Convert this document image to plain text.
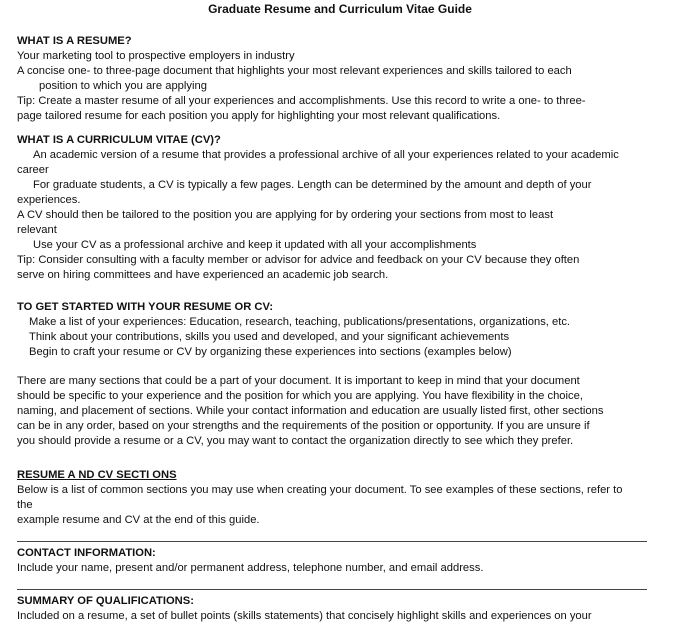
Graduate Resume and Curriculum Vitae Guide
WHAT IS A RESUME?
Your marketing tool to prospective employers in industry
A concise one- to three-page document that highlights your most relevant experiences and skills tailored to each
position to which you are applying
Tip: Create a master resume of all your experiences and accomplishments. Use this record to write a one- to three-
page tailored resume for each position you apply for highlighting your most relevant qualifications.
WHAT IS A CURRICULUM VITAE (CV)?
An academic version of a resume that provides a professional archive of all your experiences related to your academic
career
For graduate students, a CV is typically a few pages. Length can be determined by the amount and depth of your
experiences.
A CV should then be tailored to the position you are applying for by ordering your sections from most to least
relevant
Use your CV as a professional archive and keep it updated with all your accomplishments
Tip: Consider consulting with a faculty member or advisor for advice and feedback on your CV because they often
serve on hiring committees and have experienced an academic job search.
TO GET STARTED WITH YOUR RESUME OR CV:
Make a list of your experiences: Education, research, teaching, publications/presentations, organizations, etc.
Think about your contributions, skills you used and developed, and your significant achievements
Begin to craft your resume or CV by organizing these experiences into sections (examples below)
There are many sections that could be a part of your document. It is important to keep in mind that your document
should be specific to your experience and the position for which you are applying. You have flexibility in the choice,
naming, and placement of sections. While your contact information and education are usually listed first, other sections
can be in any order, based on your strengths and the requirements of the position or opportunity. If you are unsure if
you should provide a resume or a CV, you may want to contact the organization directly to see which they prefer.
RESUME A ND CV SECTI ONS
Below is a list of common sections you may use when creating your document. To see examples of these sections, refer to
the
example resume and CV at the end of this guide.
CONTACT INFORMATION:
Include your name, present and/or permanent address, telephone number, and email address.
SUMMARY OF QUALIFICATIONS:
Included on a resume, a set of bullet points (skills statements) that concisely highlight skills and experiences on your
